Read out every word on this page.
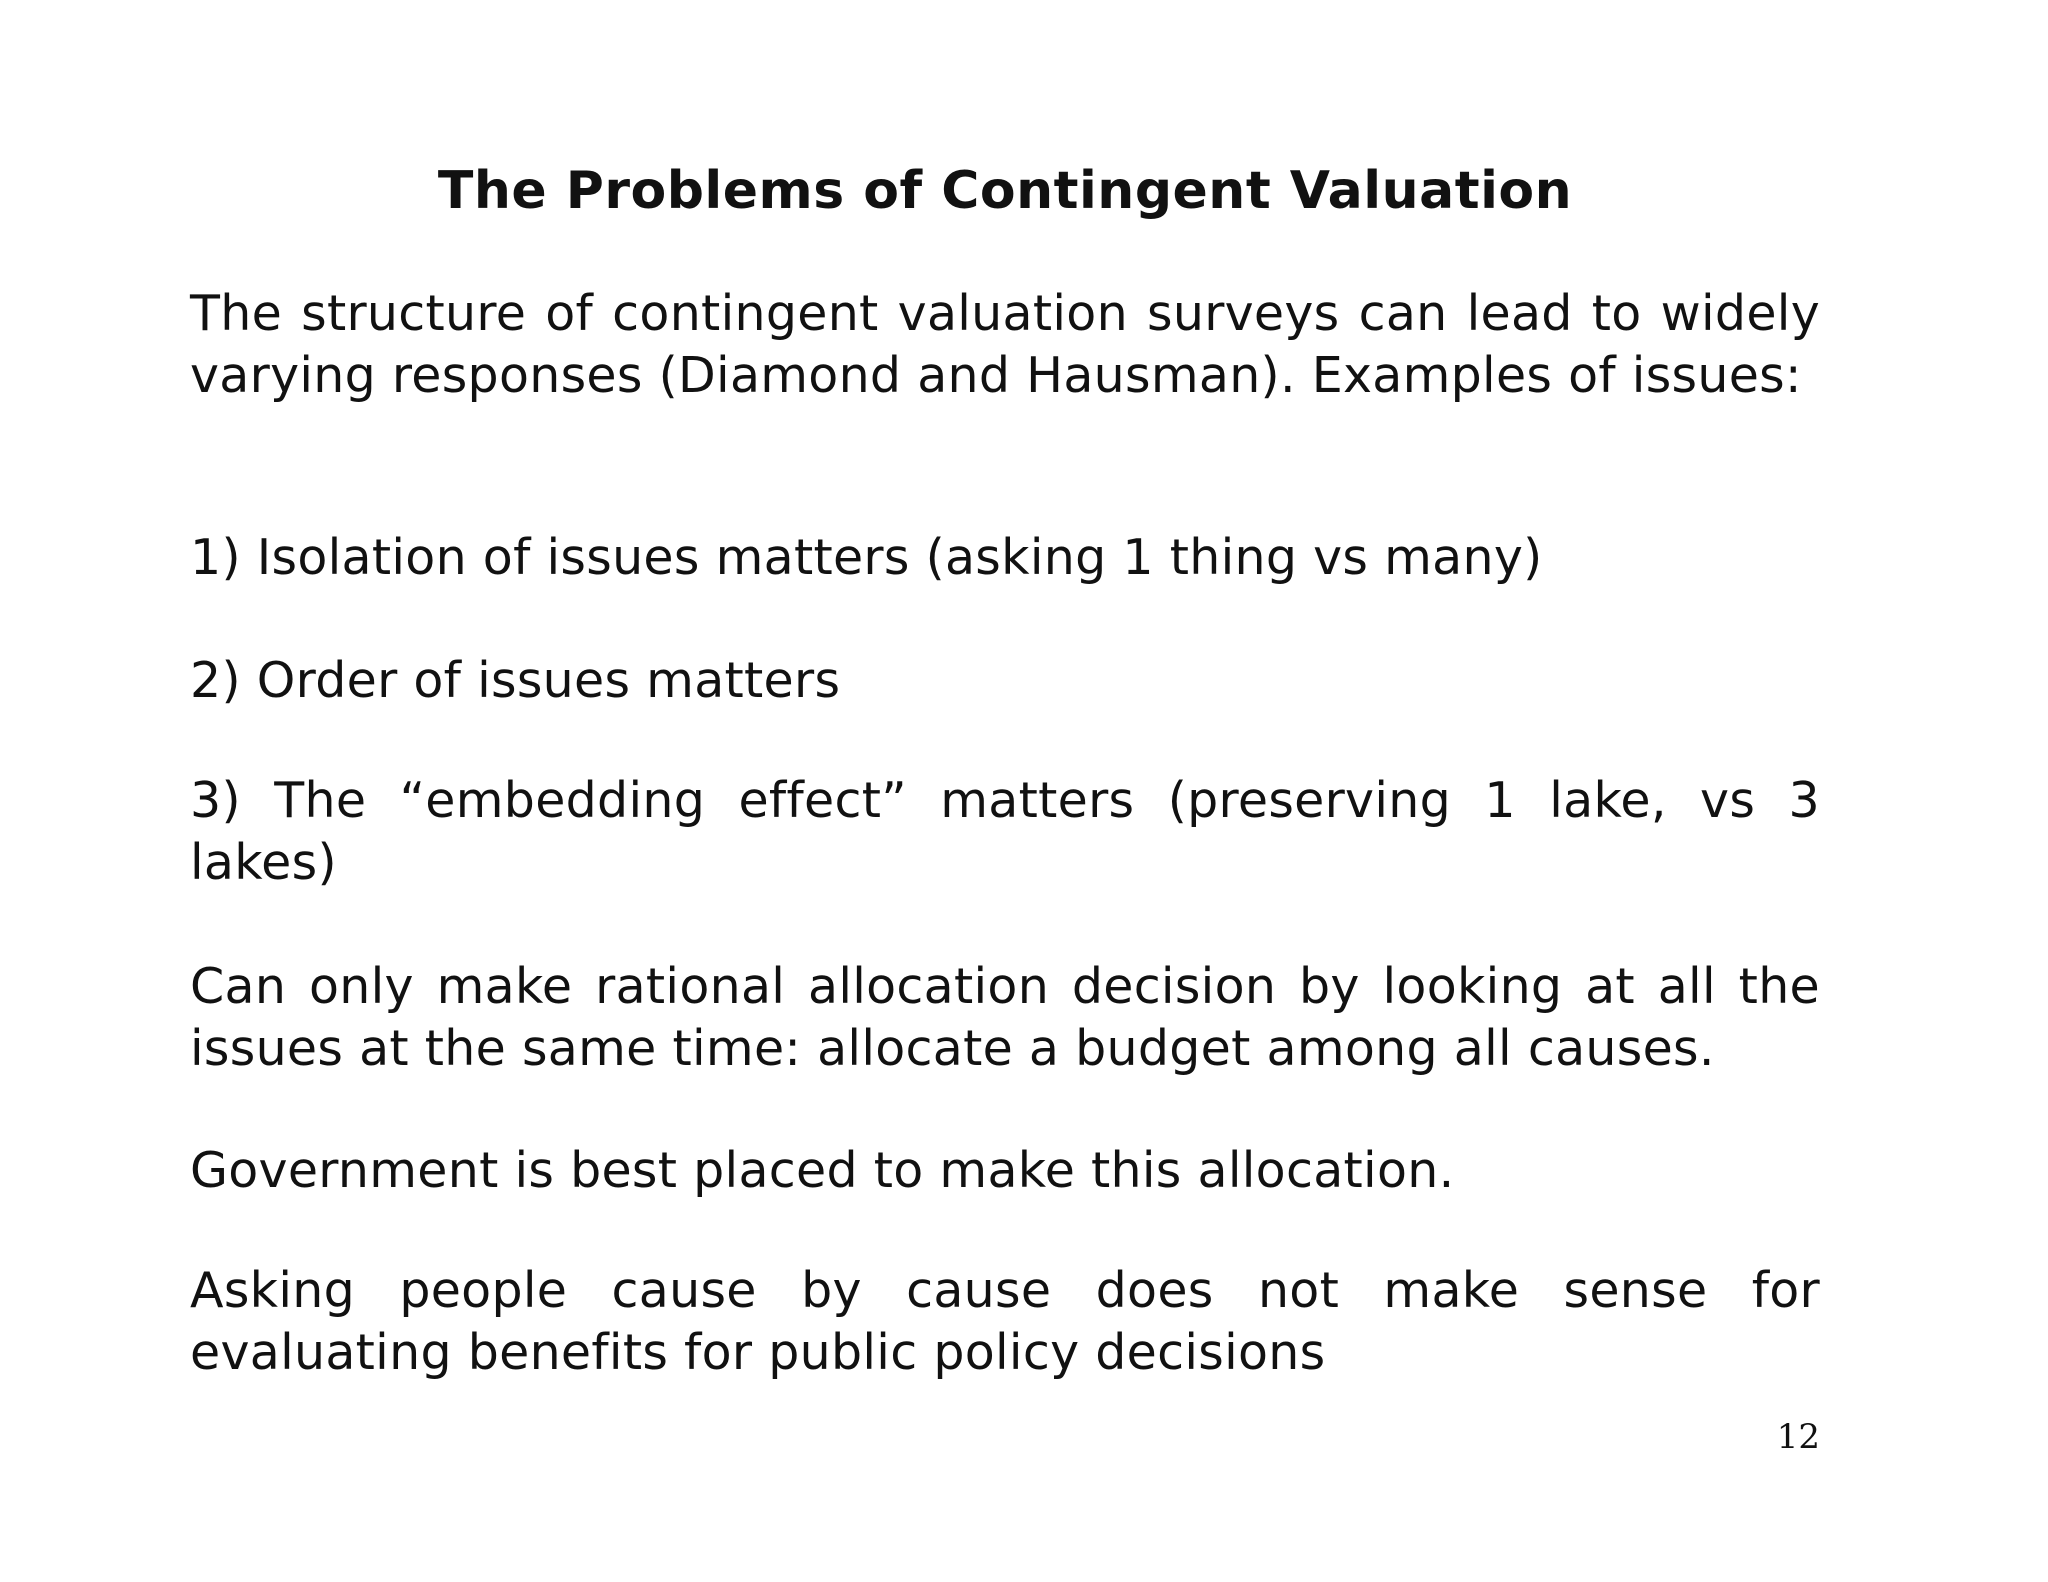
The Problems of Contingent Valuation

The structure of contingent valuation surveys can lead to widely varying responses (Diamond and Hausman). Examples of issues:

1) Isolation of issues matters (asking 1 thing vs many)

2) Order of issues matters

3) The “embedding effect” matters (preserving 1 lake, vs 3 lakes)

Can only make rational allocation decision by looking at all the issues at the same time: allocate a budget among all causes.

Government is best placed to make this allocation.

Asking people cause by cause does not make sense for evaluating benefits for public policy decisions

12
